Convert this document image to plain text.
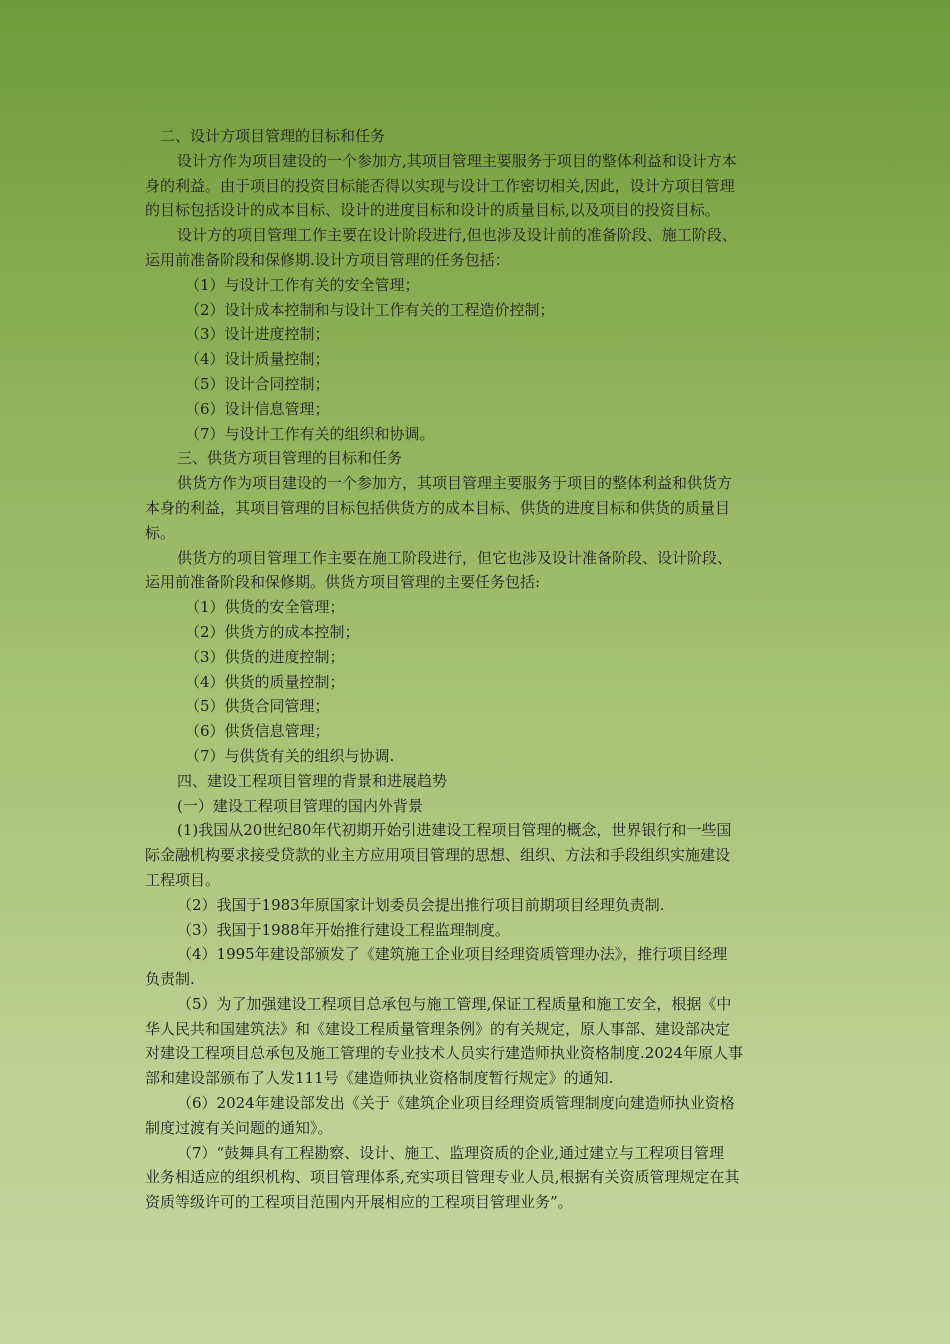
二、设计方项目管理的目标和任务
设计方作为项目建设的一个参加方,其项目管理主要服务于项目的整体利益和设计方本
身的利益。由于项目的投资目标能否得以实现与设计工作密切相关,因此，设计方项目管理
的目标包括设计的成本目标、设计的进度目标和设计的质量目标,以及项目的投资目标。
设计方的项目管理工作主要在设计阶段进行,但也涉及设计前的准备阶段、施工阶段、
运用前准备阶段和保修期.设计方项目管理的任务包括：
（1）与设计工作有关的安全管理；
（2）设计成本控制和与设计工作有关的工程造价控制；
（3）设计进度控制；
（4）设计质量控制；
（5）设计合同控制；
（6）设计信息管理；
（7）与设计工作有关的组织和协调。
三、供货方项目管理的目标和任务
供货方作为项目建设的一个参加方，其项目管理主要服务于项目的整体利益和供货方
本身的利益，其项目管理的目标包括供货方的成本目标、供货的进度目标和供货的质量目
标。
供货方的项目管理工作主要在施工阶段进行，但它也涉及设计准备阶段、设计阶段、
运用前准备阶段和保修期。供货方项目管理的主要任务包括:
（1）供货的安全管理；
（2）供货方的成本控制；
（3）供货的进度控制；
（4）供货的质量控制；
（5）供货合同管理；
（6）供货信息管理；
（7）与供货有关的组织与协调.
四、建设工程项目管理的背景和进展趋势
(一）建设工程项目管理的国内外背景
(1)我国从20世纪80年代初期开始引进建设工程项目管理的概念，世界银行和一些国
际金融机构要求接受贷款的业主方应用项目管理的思想、组织、方法和手段组织实施建设
工程项目。
（2）我国于1983年原国家计划委员会提出推行项目前期项目经理负责制.
（3）我国于1988年开始推行建设工程监理制度。
（4）1995年建设部颁发了《建筑施工企业项目经理资质管理办法》，推行项目经理
负责制.
（5）为了加强建设工程项目总承包与施工管理,保证工程质量和施工安全，根据《中
华人民共和国建筑法》和《建设工程质量管理条例》的有关规定，原人事部、建设部决定
对建设工程项目总承包及施工管理的专业技术人员实行建造师执业资格制度.2024年原人事
部和建设部颁布了人发111号《建造师执业资格制度暂行规定》的通知.
（6）2024年建设部发出《关于《建筑企业项目经理资质管理制度向建造师执业资格
制度过渡有关问题的通知》。
（7）“鼓舞具有工程勘察、设计、施工、监理资质的企业,通过建立与工程项目管理
业务相适应的组织机构、项目管理体系,充实项目管理专业人员,根据有关资质管理规定在其
资质等级许可的工程项目范围内开展相应的工程项目管理业务”。
